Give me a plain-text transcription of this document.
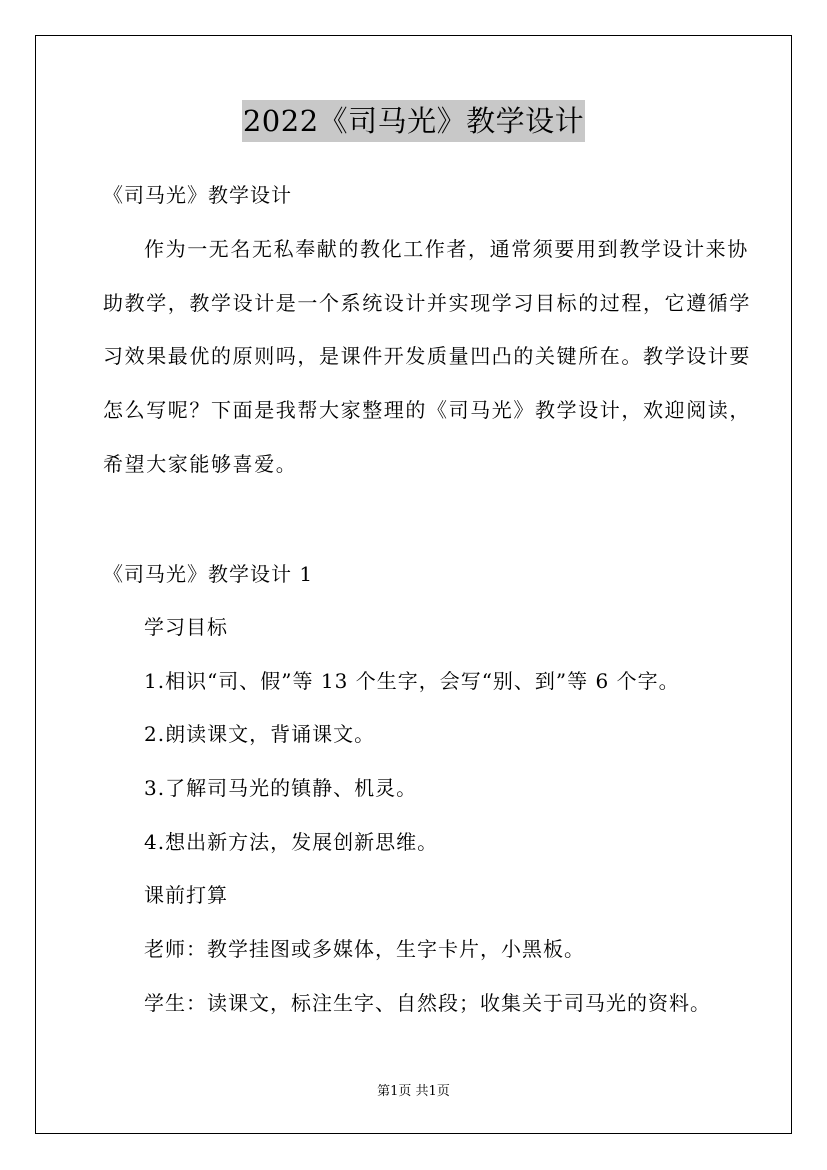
2022《司马光》教学设计
《司马光》教学设计
作为一无名无私奉献的教化工作者，通常须要用到教学设计来协
助教学，教学设计是一个系统设计并实现学习目标的过程，它遵循学
习效果最优的原则吗，是课件开发质量凹凸的关键所在。教学设计要
怎么写呢？下面是我帮大家整理的《司马光》教学设计，欢迎阅读，
希望大家能够喜爱。
《司马光》教学设计 1
学习目标
1.相识“司、假”等 13 个生字，会写“别、到”等 6 个字。
2.朗读课文，背诵课文。
3.了解司马光的镇静、机灵。
4.想出新方法，发展创新思维。
课前打算
老师：教学挂图或多媒体，生字卡片，小黑板。
学生：读课文，标注生字、自然段；收集关于司马光的资料。
第1页 共1页
